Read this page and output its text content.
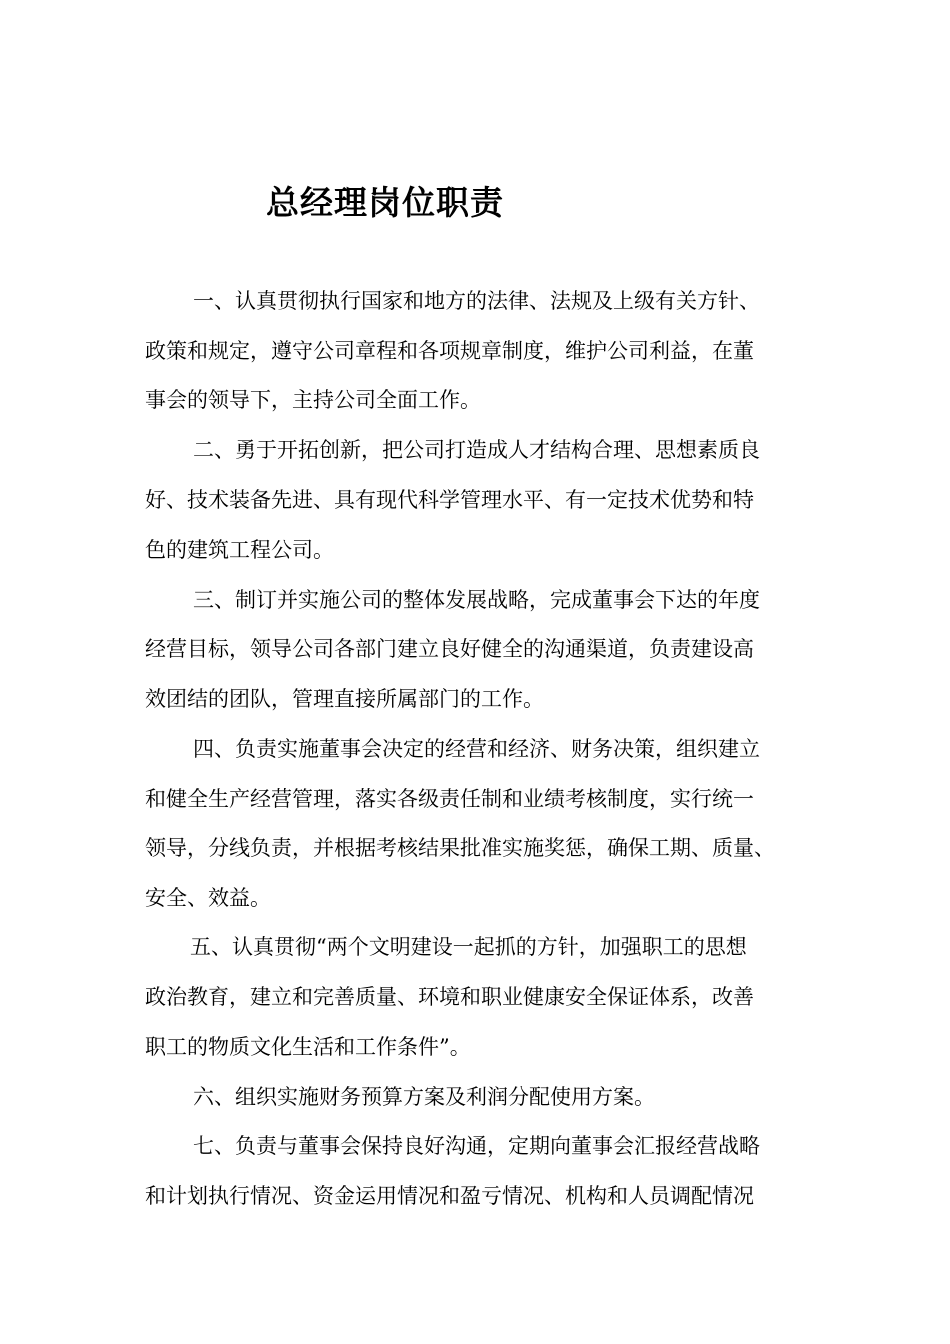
总经理岗位职责

一、认真贯彻执行国家和地方的法律、法规及上级有关方针、

政策和规定，遵守公司章程和各项规章制度，维护公司利益，在董

事会的领导下，主持公司全面工作。

二、勇于开拓创新，把公司打造成人才结构合理、思想素质良

好、技术装备先进、具有现代科学管理水平、有一定技术优势和特

色的建筑工程公司。

三、制订并实施公司的整体发展战略，完成董事会下达的年度

经营目标，领导公司各部门建立良好健全的沟通渠道，负责建设高

效团结的团队，管理直接所属部门的工作。

四、负责实施董事会决定的经营和经济、财务决策，组织建立

和健全生产经营管理，落实各级责任制和业绩考核制度，实行统一

领导，分线负责，并根据考核结果批准实施奖惩，确保工期、质量、

安全、效益。

五、认真贯彻“两个文明建设一起抓的方针，加强职工的思想

政治教育，建立和完善质量、环境和职业健康安全保证体系，改善

职工的物质文化生活和工作条件”。

六、组织实施财务预算方案及利润分配使用方案。

七、负责与董事会保持良好沟通，定期向董事会汇报经营战略

和计划执行情况、资金运用情况和盈亏情况、机构和人员调配情况
